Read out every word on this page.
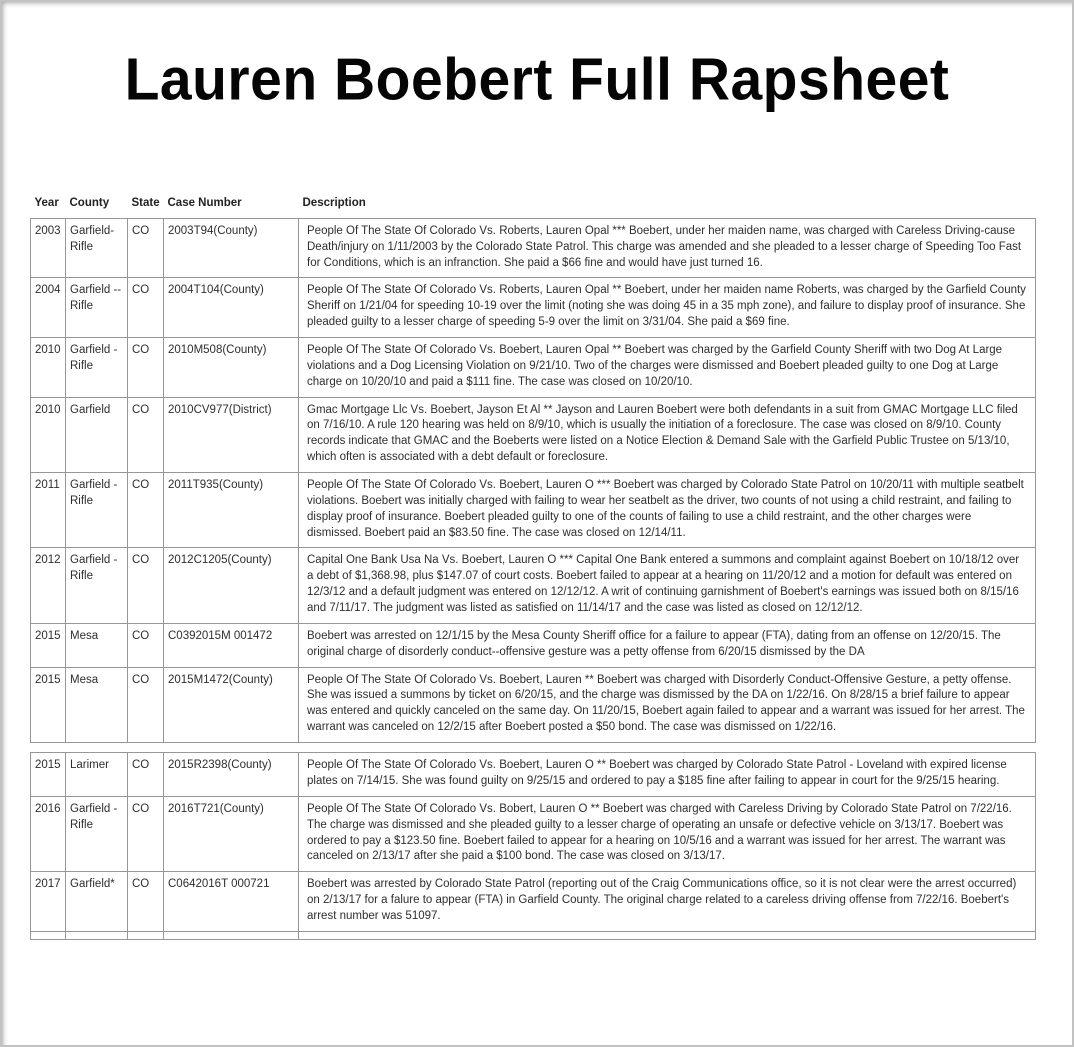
Lauren Boebert Full Rapsheet
Year	County	State	Case Number	Description
2003	Garfield- Rifle	CO	2003T94(County)	People Of The State Of Colorado Vs. Roberts, Lauren Opal *** Boebert, under her maiden name, was charged with Careless Driving-cause Death/injury on 1/11/2003 by the Colorado State Patrol. This charge was amended and she pleaded to a lesser charge of Speeding Too Fast for Conditions, which is an infranction. She paid a $66 fine and would have just turned 16.
2004	Garfield -- Rifle	CO	2004T104(County)	People Of The State Of Colorado Vs. Roberts, Lauren Opal ** Boebert, under her maiden name Roberts, was charged by the Garfield County Sheriff on 1/21/04 for speeding 10-19 over the limit (noting she was doing 45 in a 35 mph zone), and failure to display proof of insurance. She pleaded guilty to a lesser charge of speeding 5-9 over the limit on 3/31/04. She paid a $69 fine.
2010	Garfield - Rifle	CO	2010M508(County)	People Of The State Of Colorado Vs. Boebert, Lauren Opal ** Boebert was charged by the Garfield County Sheriff with two Dog At Large violations and a Dog Licensing Violation on 9/21/10. Two of the charges were dismissed and Boebert pleaded guilty to one Dog at Large charge on 10/20/10 and paid a $111 fine. The case was closed on 10/20/10.
2010	Garfield	CO	2010CV977(District)	Gmac Mortgage Llc Vs. Boebert, Jayson Et Al ** Jayson and Lauren Boebert were both defendants in a suit from GMAC Mortgage LLC filed on 7/16/10. A rule 120 hearing was held on 8/9/10, which is usually the initiation of a foreclosure. The case was closed on 8/9/10. County records indicate that GMAC and the Boeberts were listed on a Notice Election & Demand Sale with the Garfield Public Trustee on 5/13/10, which often is associated with a debt default or foreclosure.
2011	Garfield - Rifle	CO	2011T935(County)	People Of The State Of Colorado Vs. Boebert, Lauren O *** Boebert was charged by Colorado State Patrol on 10/20/11 with multiple seatbelt violations. Boebert was initially charged with failing to wear her seatbelt as the driver, two counts of not using a child restraint, and failing to display proof of insurance. Boebert pleaded guilty to one of the counts of failing to use a child restraint, and the other charges were dismissed. Boebert paid an $83.50 fine. The case was closed on 12/14/11.
2012	Garfield - Rifle	CO	2012C1205(County)	Capital One Bank Usa Na Vs. Boebert, Lauren O *** Capital One Bank entered a summons and complaint against Boebert on 10/18/12 over a debt of $1,368.98, plus $147.07 of court costs. Boebert failed to appear at a hearing on 11/20/12 and a motion for default was entered on 12/3/12 and a default judgment was entered on 12/12/12. A writ of continuing garnishment of Boebert's earnings was issued both on 8/15/16 and 7/11/17. The judgment was listed as satisfied on 11/14/17 and the case was listed as closed on 12/12/12.
2015	Mesa	CO	C0392015M 001472	Boebert was arrested on 12/1/15 by the Mesa County Sheriff office for a failure to appear (FTA), dating from an offense on 12/20/15. The original charge of disorderly conduct--offensive gesture was a petty offense from 6/20/15 dismissed by the DA
2015	Mesa	CO	2015M1472(County)	People Of The State Of Colorado Vs. Boebert, Lauren ** Boebert was charged with Disorderly Conduct-Offensive Gesture, a petty offense. She was issued a summons by ticket on 6/20/15, and the charge was dismissed by the DA on 1/22/16. On 8/28/15 a brief failure to appear was entered and quickly canceled on the same day. On 11/20/15, Boebert again failed to appear and a warrant was issued for her arrest. The warrant was canceled on 12/2/15 after Boebert posted a $50 bond. The case was dismissed on 1/22/16.
2015	Larimer	CO	2015R2398(County)	People Of The State Of Colorado Vs. Boebert, Lauren O ** Boebert was charged by Colorado State Patrol - Loveland with expired license plates on 7/14/15. She was found guilty on 9/25/15 and ordered to pay a $185 fine after failing to appear in court for the 9/25/15 hearing.
2016	Garfield - Rifle	CO	2016T721(County)	People Of The State Of Colorado Vs. Bobert, Lauren O ** Boebert was charged with Careless Driving by Colorado State Patrol on 7/22/16. The charge was dismissed and she pleaded guilty to a lesser charge of operating an unsafe or defective vehicle on 3/13/17. Boebert was ordered to pay a $123.50 fine. Boebert failed to appear for a hearing on 10/5/16 and a warrant was issued for her arrest. The warrant was canceled on 2/13/17 after she paid a $100 bond. The case was closed on 3/13/17.
2017	Garfield*	CO	C0642016T 000721	Boebert was arrested by Colorado State Patrol (reporting out of the Craig Communications office, so it is not clear were the arrest occurred) on 2/13/17 for a falure to appear (FTA) in Garfield County. The original charge related to a careless driving offense from 7/22/16. Boebert's arrest number was 51097.
